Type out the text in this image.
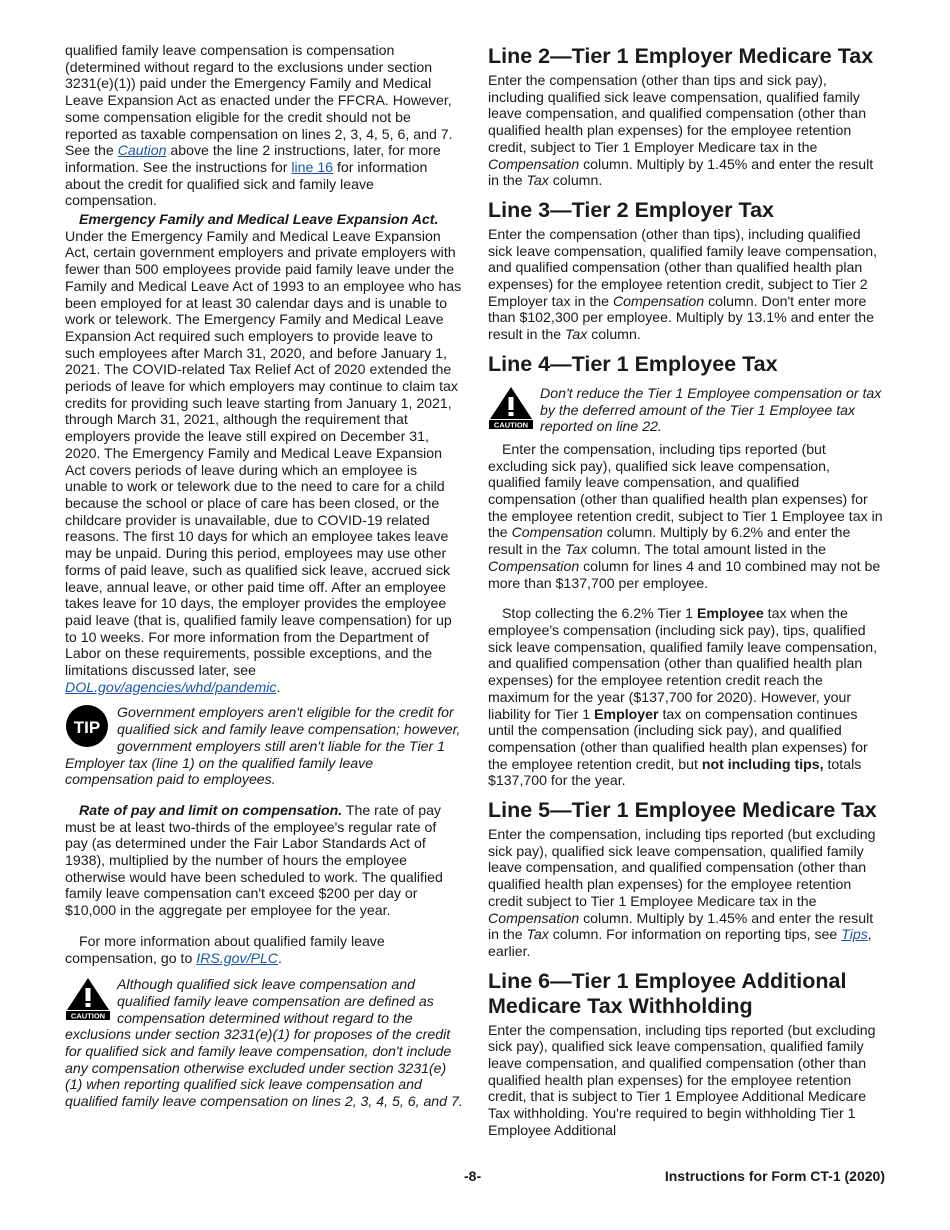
qualified family leave compensation is compensation (determined without regard to the exclusions under section 3231(e)(1)) paid under the Emergency Family and Medical Leave Expansion Act as enacted under the FFCRA. However, some compensation eligible for the credit should not be reported as taxable compensation on lines 2, 3, 4, 5, 6, and 7. See the Caution above the line 2 instructions, later, for more information. See the instructions for line 16 for information about the credit for qualified sick and family leave compensation.

Emergency Family and Medical Leave Expansion Act.
Under the Emergency Family and Medical Leave Expansion Act, certain government employers and private employers with fewer than 500 employees provide paid family leave under the Family and Medical Leave Act of 1993 to an employee who has been employed for at least 30 calendar days and is unable to work or telework. The Emergency Family and Medical Leave Expansion Act required such employers to provide leave to such employees after March 31, 2020, and before January 1, 2021. The COVID-related Tax Relief Act of 2020 extended the periods of leave for which employers may continue to claim tax credits for providing such leave starting from January 1, 2021, through March 31, 2021, although the requirement that employers provide the leave still expired on December 31, 2020. The Emergency Family and Medical Leave Expansion Act covers periods of leave during which an employee is unable to work or telework due to the need to care for a child because the school or place of care has been closed, or the childcare provider is unavailable, due to COVID-19 related reasons. The first 10 days for which an employee takes leave may be unpaid. During this period, employees may use other forms of paid leave, such as qualified sick leave, accrued sick leave, annual leave, or other paid time off. After an employee takes leave for 10 days, the employer provides the employee paid leave (that is, qualified family leave compensation) for up to 10 weeks. For more information from the Department of Labor on these requirements, possible exceptions, and the limitations discussed later, see DOL.gov/agencies/whd/pandemic.

TIP
Government employers aren't eligible for the credit for qualified sick and family leave compensation; however, government employers still aren't liable for the Tier 1 Employer tax (line 1) on the qualified family leave compensation paid to employees.

Rate of pay and limit on compensation. The rate of pay must be at least two-thirds of the employee's regular rate of pay (as determined under the Fair Labor Standards Act of 1938), multiplied by the number of hours the employee otherwise would have been scheduled to work. The qualified family leave compensation can't exceed $200 per day or $10,000 in the aggregate per employee for the year.

For more information about qualified family leave compensation, go to IRS.gov/PLC.

CAUTION
Although qualified sick leave compensation and qualified family leave compensation are defined as compensation determined without regard to the exclusions under section 3231(e)(1) for proposes of the credit for qualified sick and family leave compensation, don't include any compensation otherwise excluded under section 3231(e)(1) when reporting qualified sick leave compensation and qualified family leave compensation on lines 2, 3, 4, 5, 6, and 7.
Line 2—Tier 1 Employer Medicare Tax

Enter the compensation (other than tips and sick pay), including qualified sick leave compensation, qualified family leave compensation, and qualified compensation (other than qualified health plan expenses) for the employee retention credit, subject to Tier 1 Employer Medicare tax in the Compensation column. Multiply by 1.45% and enter the result in the Tax column.

Line 3—Tier 2 Employer Tax

Enter the compensation (other than tips), including qualified sick leave compensation, qualified family leave compensation, and qualified compensation (other than qualified health plan expenses) for the employee retention credit, subject to Tier 2 Employer tax in the Compensation column. Don't enter more than $102,300 per employee. Multiply by 13.1% and enter the result in the Tax column.

Line 4—Tier 1 Employee Tax
CAUTION
Don't reduce the Tier 1 Employee compensation or tax by the deferred amount of the Tier 1 Employee tax reported on line 22.

Enter the compensation, including tips reported (but excluding sick pay), qualified sick leave compensation, qualified family leave compensation, and qualified compensation (other than qualified health plan expenses) for the employee retention credit, subject to Tier 1 Employee tax in the Compensation column. Multiply by 6.2% and enter the result in the Tax column. The total amount listed in the Compensation column for lines 4 and 10 combined may not be more than $137,700 per employee.

Stop collecting the 6.2% Tier 1 Employee tax when the employee's compensation (including sick pay), tips, qualified sick leave compensation, qualified family leave compensation, and qualified compensation (other than qualified health plan expenses) for the employee retention credit reach the maximum for the year ($137,700 for 2020). However, your liability for Tier 1 Employer tax on compensation continues until the compensation (including sick pay), and qualified compensation (other than qualified health plan expenses) for the employee retention credit, but not including tips, totals $137,700 for the year.

Line 5—Tier 1 Employee Medicare Tax

Enter the compensation, including tips reported (but excluding sick pay), qualified sick leave compensation, qualified family leave compensation, and qualified compensation (other than qualified health plan expenses) for the employee retention credit subject to Tier 1 Employee Medicare tax in the Compensation column. Multiply by 1.45% and enter the result in the Tax column. For information on reporting tips, see Tips, earlier.

Line 6—Tier 1 Employee Additional Medicare Tax Withholding

Enter the compensation, including tips reported (but excluding sick pay), qualified sick leave compensation, qualified family leave compensation, and qualified compensation (other than qualified health plan expenses) for the employee retention credit, that is subject to Tier 1 Employee Additional Medicare Tax withholding. You're required to begin withholding Tier 1 Employee Additional

-8-	Instructions for Form CT-1 (2020)
